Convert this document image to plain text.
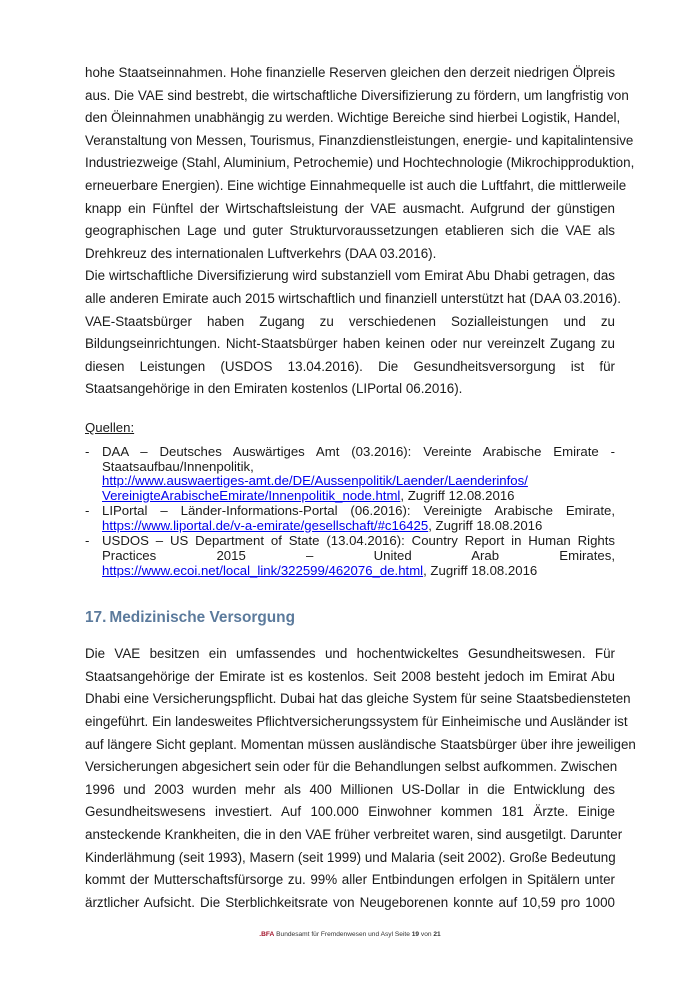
hohe Staatseinnahmen. Hohe finanzielle Reserven gleichen den derzeit niedrigen Ölpreis
aus. Die VAE sind bestrebt, die wirtschaftliche Diversifizierung zu fördern, um langfristig von
den Öleinnahmen unabhängig zu werden. Wichtige Bereiche sind hierbei Logistik, Handel,
Veranstaltung von Messen, Tourismus, Finanzdienstleistungen, energie- und kapitalintensive
Industriezweige (Stahl, Aluminium, Petrochemie) und Hochtechnologie (Mikrochipproduktion,
erneuerbare Energien). Eine wichtige Einnahmequelle ist auch die Luftfahrt, die mittlerweile
knapp ein Fünftel der Wirtschaftsleistung der VAE ausmacht. Aufgrund der günstigen
geographischen Lage und guter Strukturvoraussetzungen etablieren sich die VAE als
Drehkreuz des internationalen Luftverkehrs (DAA 03.2016).

Die wirtschaftliche Diversifizierung wird substanziell vom Emirat Abu Dhabi getragen, das
alle anderen Emirate auch 2015 wirtschaftlich und finanziell unterstützt hat (DAA 03.2016).
VAE-Staatsbürger haben Zugang zu verschiedenen Sozialleistungen und zu
Bildungseinrichtungen. Nicht-Staatsbürger haben keinen oder nur vereinzelt Zugang zu
diesen Leistungen (USDOS 13.04.2016). Die Gesundheitsversorgung ist für
Staatsangehörige in den Emiraten kostenlos (LIPortal 06.2016).

Quellen:
- DAA – Deutsches Auswärtiges Amt (03.2016): Vereinte Arabische Emirate -
Staatsaufbau/Innenpolitik,
http://www.auswaertiges-amt.de/DE/Aussenpolitik/Laender/Laenderinfos/
VereinigteArabischeEmirate/Innenpolitik_node.html, Zugriff 12.08.2016
- LIPortal – Länder-Informations-Portal (06.2016): Vereinigte Arabische Emirate,
https://www.liportal.de/v-a-emirate/gesellschaft/#c16425, Zugriff 18.08.2016
- USDOS – US Department of State (13.04.2016): Country Report in Human Rights
Practices 2015 – United Arab Emirates,
https://www.ecoi.net/local_link/322599/462076_de.html, Zugriff 18.08.2016
17. Medizinische Versorgung

Die VAE besitzen ein umfassendes und hochentwickeltes Gesundheitswesen. Für
Staatsangehörige der Emirate ist es kostenlos. Seit 2008 besteht jedoch im Emirat Abu
Dhabi eine Versicherungspflicht. Dubai hat das gleiche System für seine Staatsbediensteten
eingeführt. Ein landesweites Pflichtversicherungssystem für Einheimische und Ausländer ist
auf längere Sicht geplant. Momentan müssen ausländische Staatsbürger über ihre jeweiligen
Versicherungen abgesichert sein oder für die Behandlungen selbst aufkommen. Zwischen
1996 und 2003 wurden mehr als 400 Millionen US-Dollar in die Entwicklung des
Gesundheitswesens investiert. Auf 100.000 Einwohner kommen 181 Ärzte. Einige
ansteckende Krankheiten, die in den VAE früher verbreitet waren, sind ausgetilgt. Darunter
Kinderlähmung (seit 1993), Masern (seit 1999) und Malaria (seit 2002). Große Bedeutung
kommt der Mutterschaftsfürsorge zu. 99% aller Entbindungen erfolgen in Spitälern unter
ärztlicher Aufsicht. Die Sterblichkeitsrate von Neugeborenen konnte auf 10,59 pro 1000

.BFA Bundesamt für Fremdenwesen und Asyl Seite 19 von 21
